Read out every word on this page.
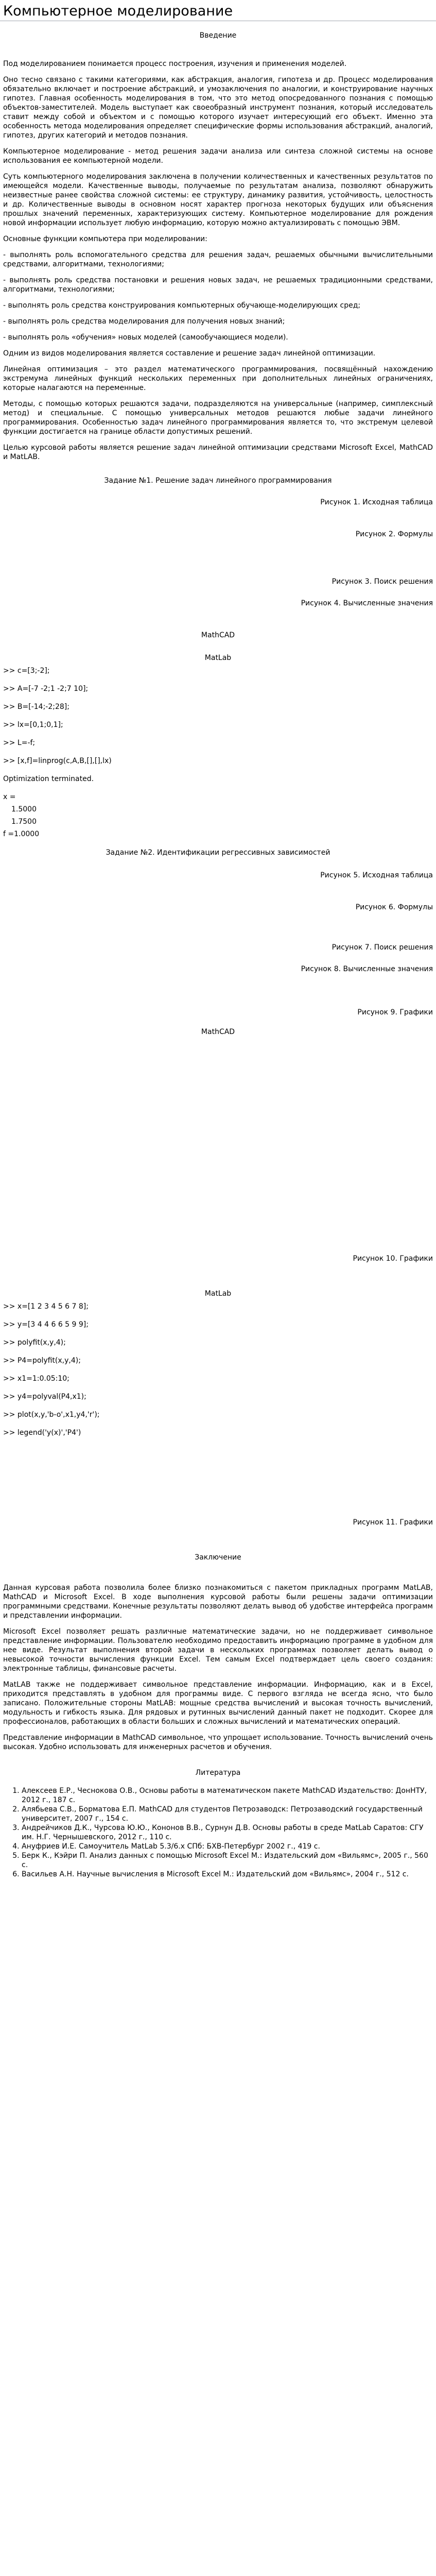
Компьютерное моделирование

Введение

Под моделированием понимается процесс построения, изучения и применения моделей.

Оно тесно связано с такими категориями, как абстракция, аналогия, гипотеза и др. Процесс моделирования обязательно включает и построение абстракций, и умозаключения по аналогии, и конструирование научных гипотез. Главная особенность моделирования в том, что это метод опосредованного познания с помощью объектов-заместителей. Модель выступает как своеобразный инструмент познания, который исследователь ставит между собой и объектом и с помощью которого изучает интересующий его объект. Именно эта особенность метода моделирования определяет специфические формы использования абстракций, аналогий, гипотез, других категорий и методов познания.

Компьютерное моделирование - метод решения задачи анализа или синтеза сложной системы на основе использования ее компьютерной модели.

Суть компьютерного моделирования заключена в получении количественных и качественных результатов по имеющейся модели. Качественные выводы, получаемые по результатам анализа, позволяют обнаружить неизвестные ранее свойства сложной системы: ее структуру, динамику развития, устойчивость, целостность и др. Количественные выводы в основном носят характер прогноза некоторых будущих или объяснения прошлых значений переменных, характеризующих систему. Компьютерное моделирование для рождения новой информации использует любую информацию, которую можно актуализировать с помощью ЭВМ.

Основные функции компьютера при моделировании:

- выполнять роль вспомогательного средства для решения задач, решаемых обычными вычислительными средствами, алгоритмами, технологиями;

- выполнять роль средства постановки и решения новых задач, не решаемых традиционными средствами, алгоритмами, технологиями;

- выполнять роль средства конструирования компьютерных обучающе-моделирующих сред;

- выполнять роль средства моделирования для получения новых знаний;

- выполнять роль «обучения» новых моделей (самообучающиеся модели).

Одним из видов моделирования является составление и решение задач линейной оптимизации.

Линейная оптимизация – это раздел математического программирования, посвящённый нахождению экстремума линейных функций нескольких переменных при дополнительных линейных ограничениях, которые налагаются на переменные.

Методы, с помощью которых решаются задачи, подразделяются на универсальные (например, симплексный метод) и специальные. С помощью универсальных методов решаются любые задачи линейного программирования. Особенностью задач линейного программирования является то, что экстремум целевой функции достигается на границе области допустимых решений.

Целью курсовой работы является решение задач линейной оптимизации средствами Microsoft Excel, MathCAD и MatLAB.

Задание №1. Решение задач линейного программирования

Рисунок 1. Исходная таблица

Рисунок 2. Формулы

Рисунок 3. Поиск решения

Рисунок 4. Вычисленные значения

MathCAD

MatLab

>> c=[3;-2];

>> A=[-7 -2;1 -2;7 10];

>> B=[-14;-2;28];

>> lx=[0,1;0,1];

>> L=-f;

>> [x,f]=linprog(c,A,B,[],[],lx)

Optimization terminated.

x =

1.5000

1.7500

f =1.0000

Задание №2. Идентификации регрессивных зависимостей

Рисунок 5. Исходная таблица

Рисунок 6. Формулы

Рисунок 7. Поиск решения

Рисунок 8. Вычисленные значения

Рисунок 9. Графики

MathCAD

Рисунок 10. Графики

MatLab

>> x=[1 2 3 4 5 6 7 8];

>> y=[3 4 4 6 6 5 9 9];

>> polyfit(x,y,4);

>> P4=polyfit(x,y,4);

>> x1=1:0.05:10;

>> y4=polyval(P4,x1);

>> plot(x,y,'b-o',x1,y4,'r');

>> legend('y(x)','P4')

Рисунок 11. Графики

Заключение

Данная курсовая работа позволила более близко познакомиться с пакетом прикладных программ MatLAB, MathCAD и Microsoft Excel. В ходе выполнения курсовой работы были решены задачи оптимизации программными средствами. Конечные результаты позволяют делать вывод об удобстве интерфейса программ и представлении информации.

Microsoft Excel позволяет решать различные математические задачи, но не поддерживает символьное представление информации. Пользователю необходимо предоставить информацию программе в удобном для нее виде. Результат выполнения второй задачи в нескольких программах позволяет делать вывод о невысокой точности вычисления функции Excel. Тем самым Excel подтверждает цель своего создания: электронные таблицы, финансовые расчеты.

MatLAB также не поддерживает символьное представление информации. Информацию, как и в Excel, приходится представлять в удобном для программы виде. С первого взгляда не всегда ясно, что было записано. Положительные стороны MatLAB: мощные средства вычислений и высокая точность вычислений, модульность и гибкость языка. Для рядовых и рутинных вычислений данный пакет не подходит. Скорее для профессионалов, работающих в области больших и сложных вычислений и математических операций.

Представление информации в MathCAD символьное, что упрощает использование. Точность вычислений очень высокая. Удобно использовать для инженерных расчетов и обучения.

Литература

1. Алексеев Е.Р., Чеснокова О.В., Основы работы в математическом пакете MathCAD Издательство: ДонНТУ, 2012 г., 187 с.
2. Алябьева С.В., Борматова Е.П. MathCAD для студентов Петрозаводск: Петрозаводский государственный университет, 2007 г., 154 с.
3. Андрейчиков Д.К., Чурсова Ю.Ю., Кононов В.В., Сурнун Д.В. Основы работы в среде MatLab Саратов: СГУ им. Н.Г. Чернышевского, 2012 г., 110 с.
4. Ануфриев И.Е. Самоучитель MatLab 5.3/6.x СПб: БХВ-Петербург 2002 г., 419 с.
5. Берк К., Кэйри П. Анализ данных с помощью Microsoft Excel М.: Издательский дом «Вильямс», 2005 г., 560 с.
6. Васильев А.Н. Научные вычисления в Microsoft Excel М.: Издательский дом «Вильямс», 2004 г., 512 с.
